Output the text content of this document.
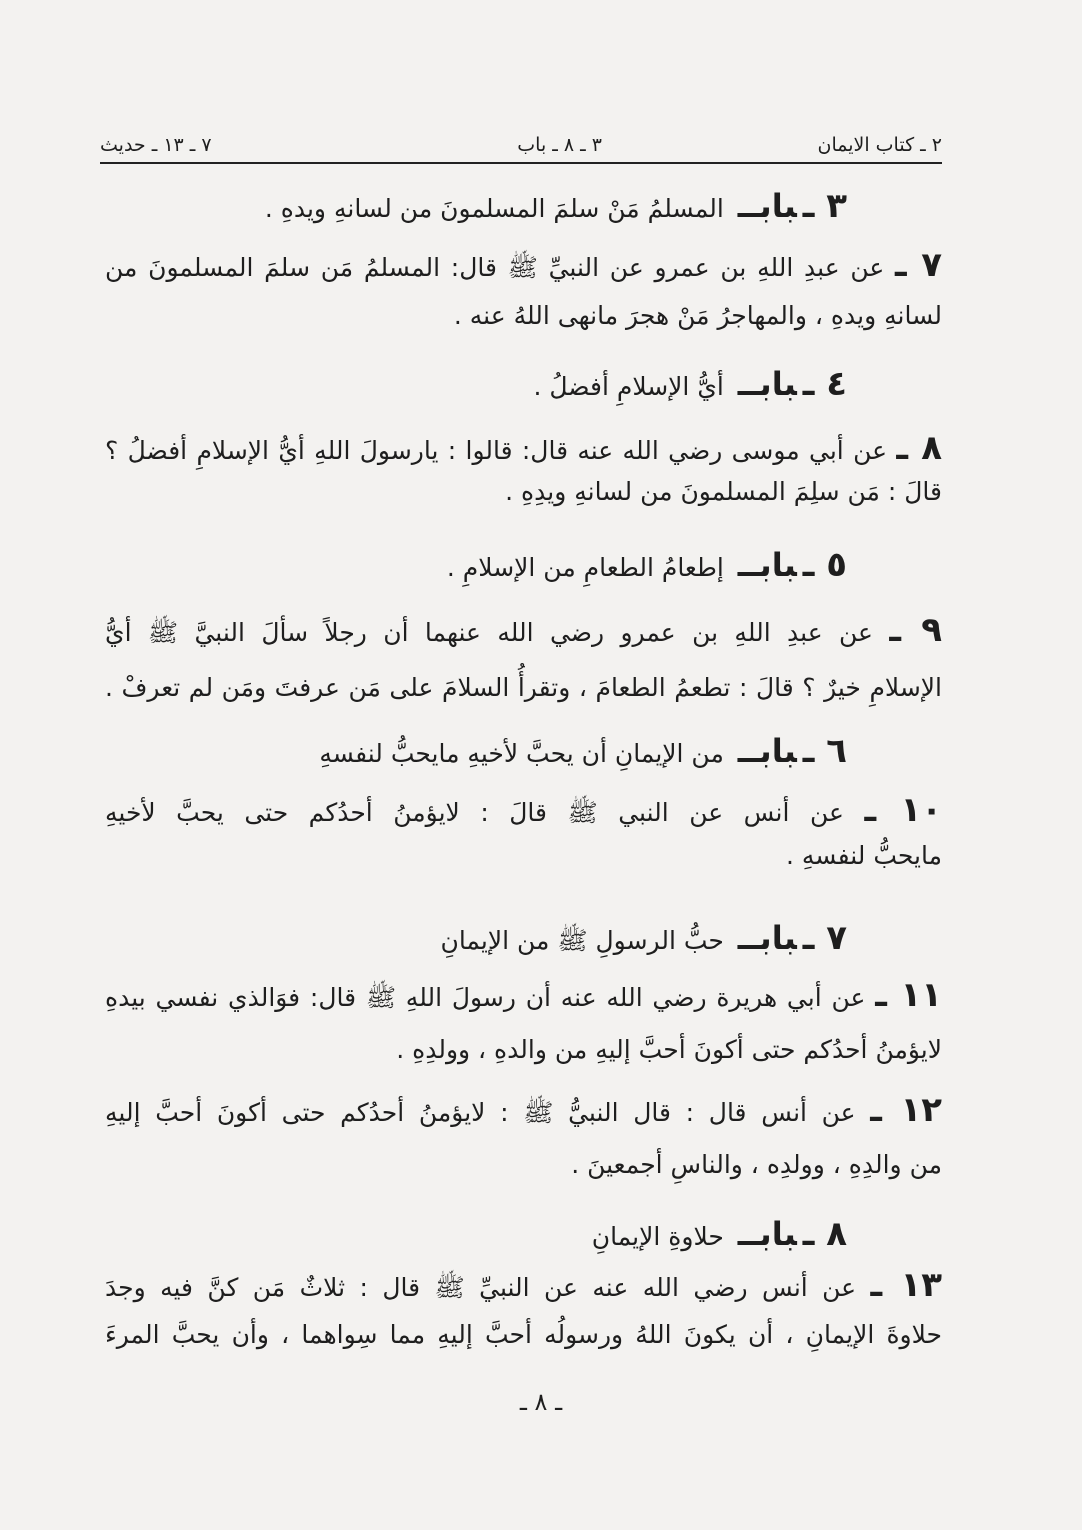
٢ ـ كتاب الايمان
٣ ـ ٨ ـ باب
٧ ـ ١٣ ـ حديث
٣ ـبابــ المسلمُ مَنْ سلمَ المسلمونَ من لسانهِ ويدهِ .
٧ ـ عن عبدِ اللهِ بن عمرو عن النبيِّ ﷺ قال: المسلمُ مَن سلمَ المسلمونَ من
لسانهِ ويدهِ ، والمهاجرُ مَنْ هجرَ مانهى اللهُ عنه .
٤ ـبابــ أيُّ الإسلامِ أفضلُ .
٨ ـ عن أبي موسى رضي الله عنه قال: قالوا : يارسولَ اللهِ أيُّ الإسلامِ أفضلُ ؟
قالَ : مَن سلِمَ المسلمونَ من لسانهِ ويدِهِ .
٥ ـبابــ إطعامُ الطعامِ من الإسلامِ .
٩ ـ عن عبدِ اللهِ بن عمرو رضي الله عنهما أن رجلاً سألَ النبيَّ ﷺ أيُّ
الإسلامِ خيرٌ ؟ قالَ : تطعمُ الطعامَ ، وتقرأُ السلامَ على مَن عرفتَ ومَن لم تعرفْ .
٦ ـبابــ من الإيمانِ أن يحبَّ لأخيهِ مايحبُّ لنفسهِ
١٠ ـ عن أنس عن النبي ﷺ قالَ : لايؤمنُ أحدُكم حتى يحبَّ لأخيهِ
مايحبُّ لنفسهِ .
٧ ـبابــ حبُّ الرسولِ ﷺ من الإيمانِ
١١ ـ عن أبي هريرة رضي الله عنه أن رسولَ اللهِ ﷺ قال: فوَالذي نفسي بيدهِ
لايؤمنُ أحدُكم حتى أكونَ أحبَّ إليهِ من والدهِ ، وولدِهِ .
١٢ ـ عن أنس قال : قال النبيُّ ﷺ : لايؤمنُ أحدُكم حتى أكونَ أحبَّ إليهِ
من والدِهِ ، وولدِه ، والناسِ أجمعينَ .
٨ ـبابــ حلاوةِ الإيمانِ
١٣ ـ عن أنس رضي الله عنه عن النبيِّ ﷺ قال : ثلاثٌ مَن كنَّ فيه وجدَ
حلاوةَ الإيمانِ ، أن يكونَ اللهُ ورسولُه أحبَّ إليهِ مما سِواهما ، وأن يحبَّ المرءَ
ـ ٨ ـ
